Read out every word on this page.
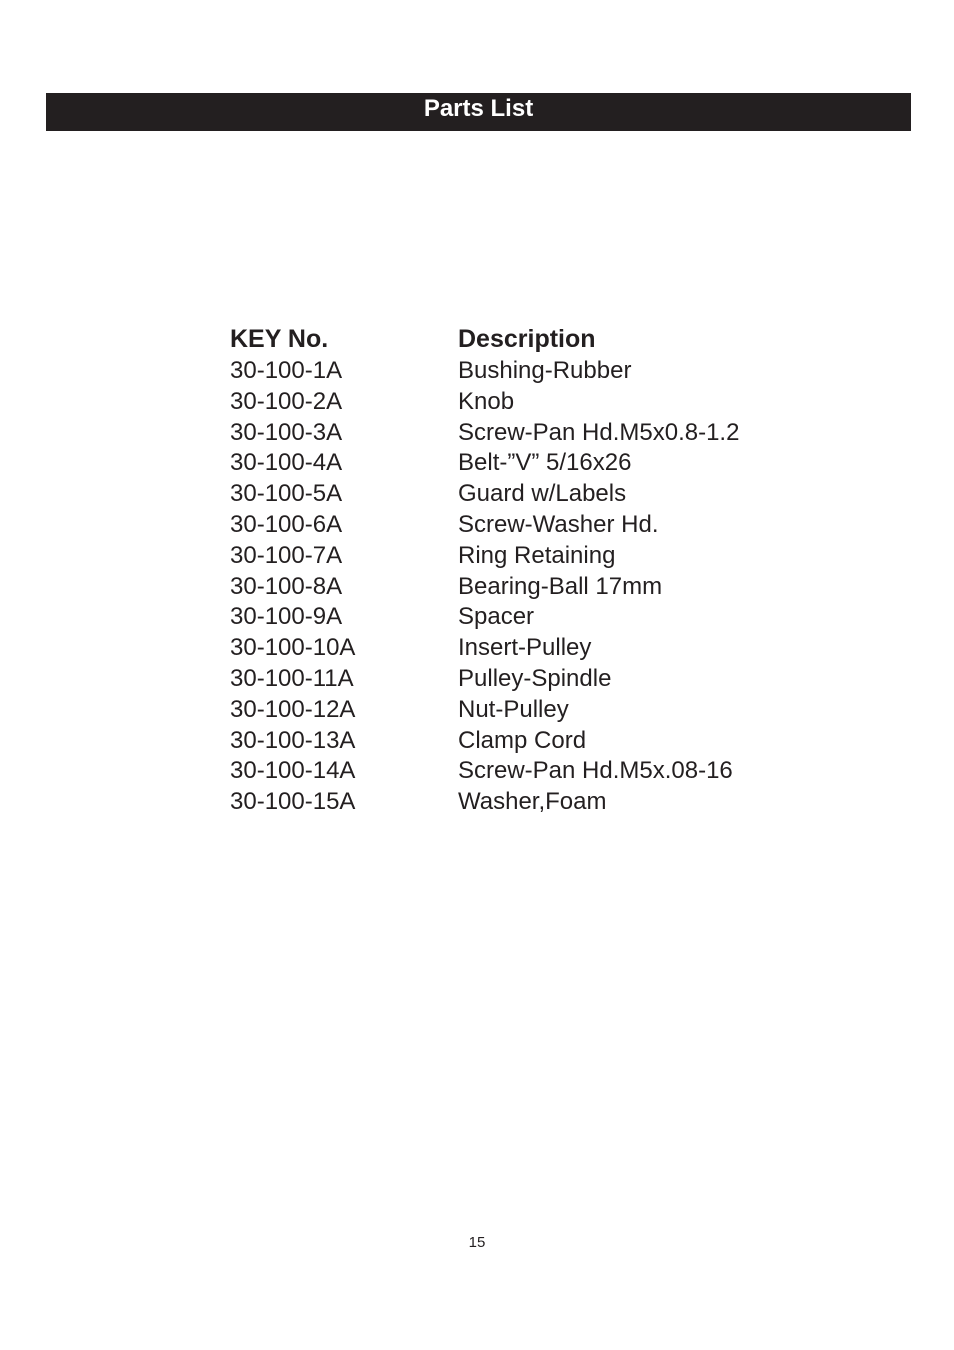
Parts List
KEY No.	Description
30-100-1A	Bushing-Rubber
30-100-2A	Knob
30-100-3A	Screw-Pan Hd.M5x0.8-1.2
30-100-4A	Belt-”V” 5/16x26
30-100-5A	Guard w/Labels
30-100-6A	Screw-Washer Hd.
30-100-7A	Ring Retaining
30-100-8A	Bearing-Ball 17mm
30-100-9A	Spacer
30-100-10A	Insert-Pulley
30-100-11A	Pulley-Spindle
30-100-12A	Nut-Pulley
30-100-13A	Clamp Cord
30-100-14A	Screw-Pan Hd.M5x.08-16
30-100-15A	Washer,Foam
15
